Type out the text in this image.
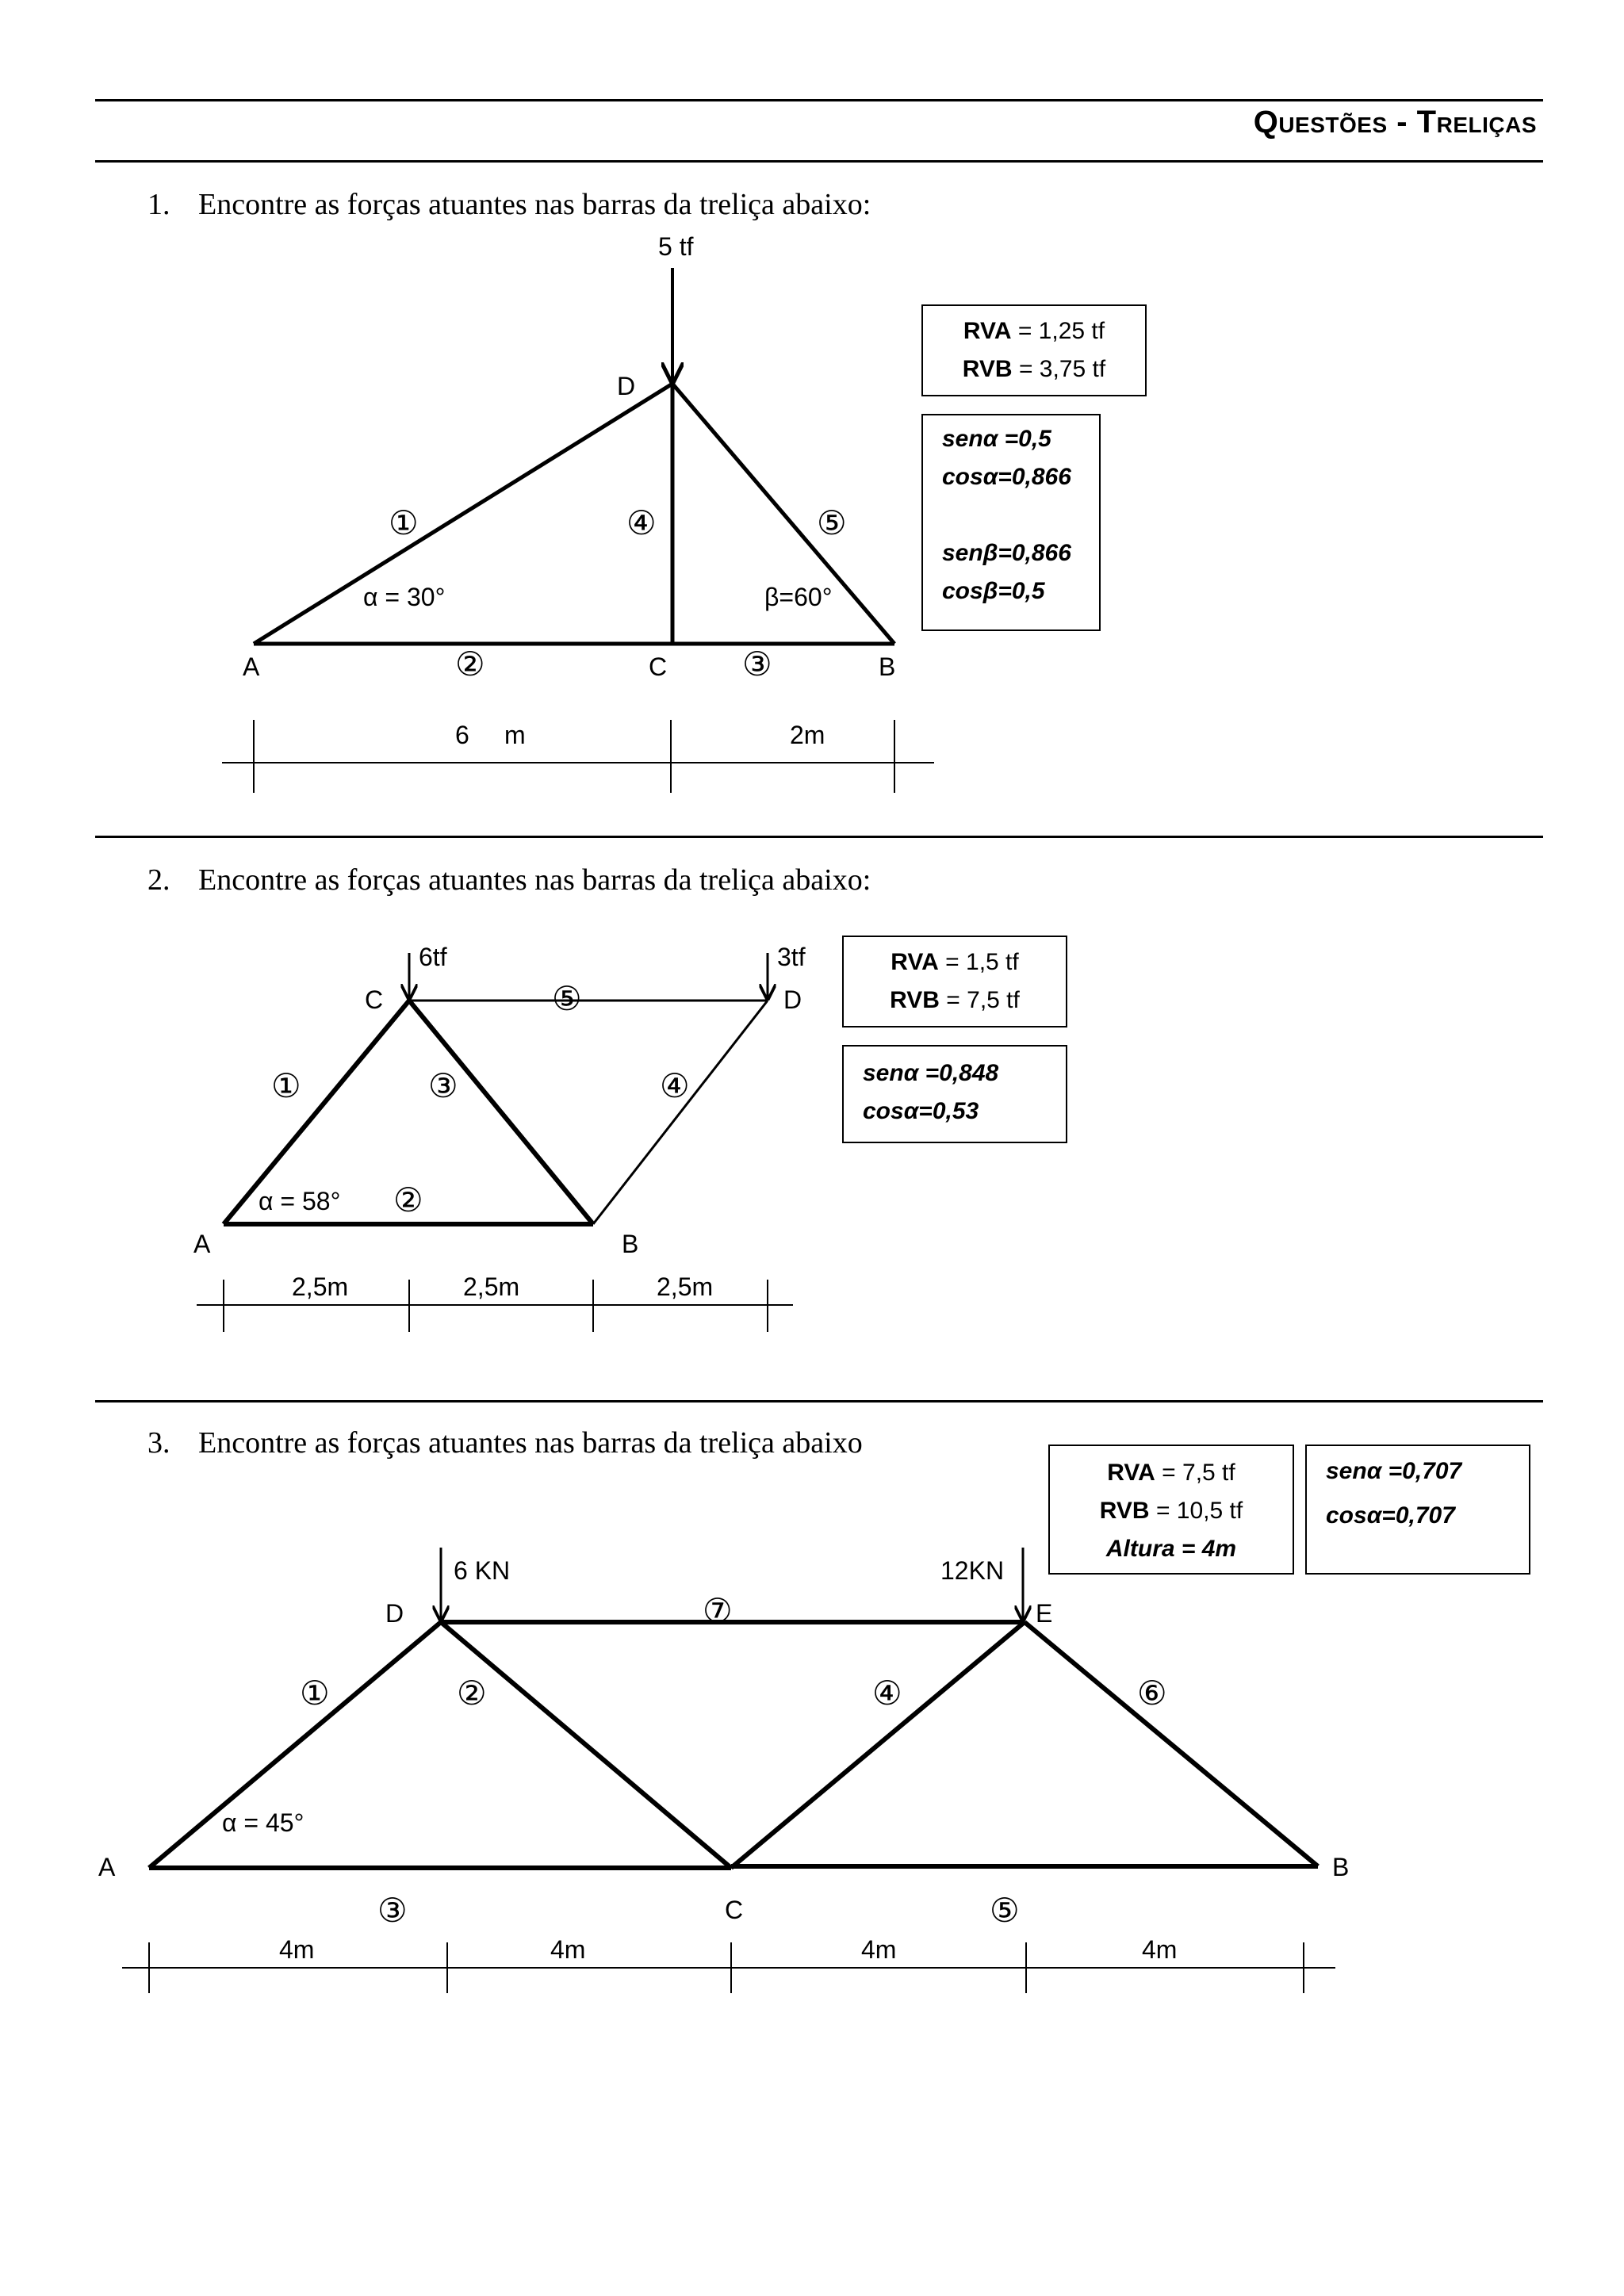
Questões - Treliças
1. Encontre as forças atuantes nas barras da treliça abaixo:
2. Encontre as forças atuantes nas barras da treliça abaixo:
3. Encontre as forças atuantes nas barras da treliça abaixo
5 tf
D
A	C	B
①	④	⑤
②	③
α = 30°	β=60°
6 m	2m
6tf	3tf
C	D
A	B
⑤
①	③	④
②
α = 58°
2,5m	2,5m	2,5m
6 KN	12KN
D	E
A	B
C
⑦
①	②	④	⑥
α = 45°
③	⑤
4m	4m	4m	4m
RVA = 1,25 tf
RVB = 3,75 tf
senα =0,5
cosα=0,866
senβ=0,866
cosβ=0,5
RVA = 1,5 tf
RVB = 7,5 tf
senα =0,848
cosα=0,53
RVA = 7,5 tf
RVB = 10,5 tf
Altura = 4m
senα =0,707
cosα=0,707
